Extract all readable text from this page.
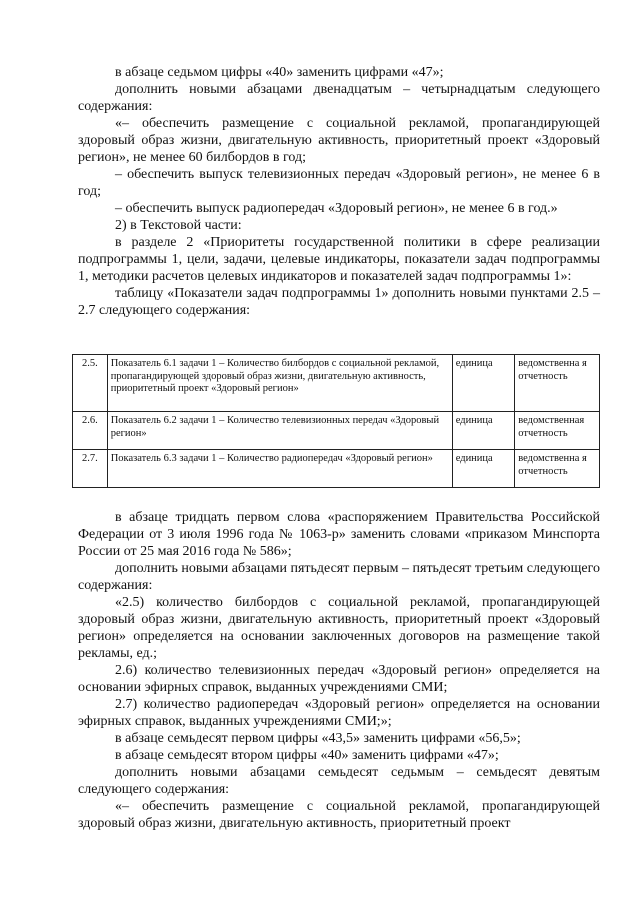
в абзаце седьмом цифры «40» заменить цифрами «47»;

дополнить новыми абзацами двенадцатым – четырнадцатым следующего содержания:

«– обеспечить размещение с социальной рекламой, пропагандирующей здоровый образ жизни, двигательную активность, приоритетный проект «Здоровый регион», не менее 60 билбордов в год;

– обеспечить выпуск телевизионных передач «Здоровый регион», не менее 6 в год;

– обеспечить выпуск радиопередач «Здоровый регион», не менее 6 в год.»

2) в Текстовой части:

в разделе 2 «Приоритеты государственной политики в сфере реализации подпрограммы 1, цели, задачи, целевые индикаторы, показатели задач подпрограммы 1, методики расчетов целевых индикаторов и показателей задач подпрограммы 1»:

таблицу «Показатели задач подпрограммы 1» дополнить новыми пунктами 2.5 – 2.7 следующего содержания:

2.5.	Показатель 6.1 задачи 1 – Количество билбордов с социальной рекламой, пропагандирующей здоровый образ жизни, двигательную активность, приоритетный проект «Здоровый регион»	единица	ведомственна я отчетность
2.6.	Показатель 6.2 задачи 1 – Количество телевизионных передач «Здоровый регион»	единица	ведомственная отчетность
2.7.	Показатель 6.3 задачи 1 – Количество радиопередач «Здоровый регион»	единица	ведомственна я отчетность

в абзаце тридцать первом слова «распоряжением Правительства Российской Федерации от 3 июля 1996 года № 1063-р» заменить словами «приказом Минспорта России от 25 мая 2016 года № 586»;

дополнить новыми абзацами пятьдесят первым – пятьдесят третьим следующего содержания:

«2.5) количество билбордов с социальной рекламой, пропагандирующей здоровый образ жизни, двигательную активность, приоритетный проект «Здоровый регион» определяется на основании заключенных договоров на размещение такой рекламы, ед.;

2.6) количество телевизионных передач «Здоровый регион» определяется на основании эфирных справок, выданных учреждениями СМИ;

2.7) количество радиопередач «Здоровый регион» определяется на основании эфирных справок, выданных учреждениями СМИ;»;

в абзаце семьдесят первом цифры «43,5» заменить цифрами «56,5»;

в абзаце семьдесят втором цифры «40» заменить цифрами «47»;

дополнить новыми абзацами семьдесят седьмым – семьдесят девятым следующего содержания:

«– обеспечить размещение с социальной рекламой, пропагандирующей здоровый образ жизни, двигательную активность, приоритетный проект
